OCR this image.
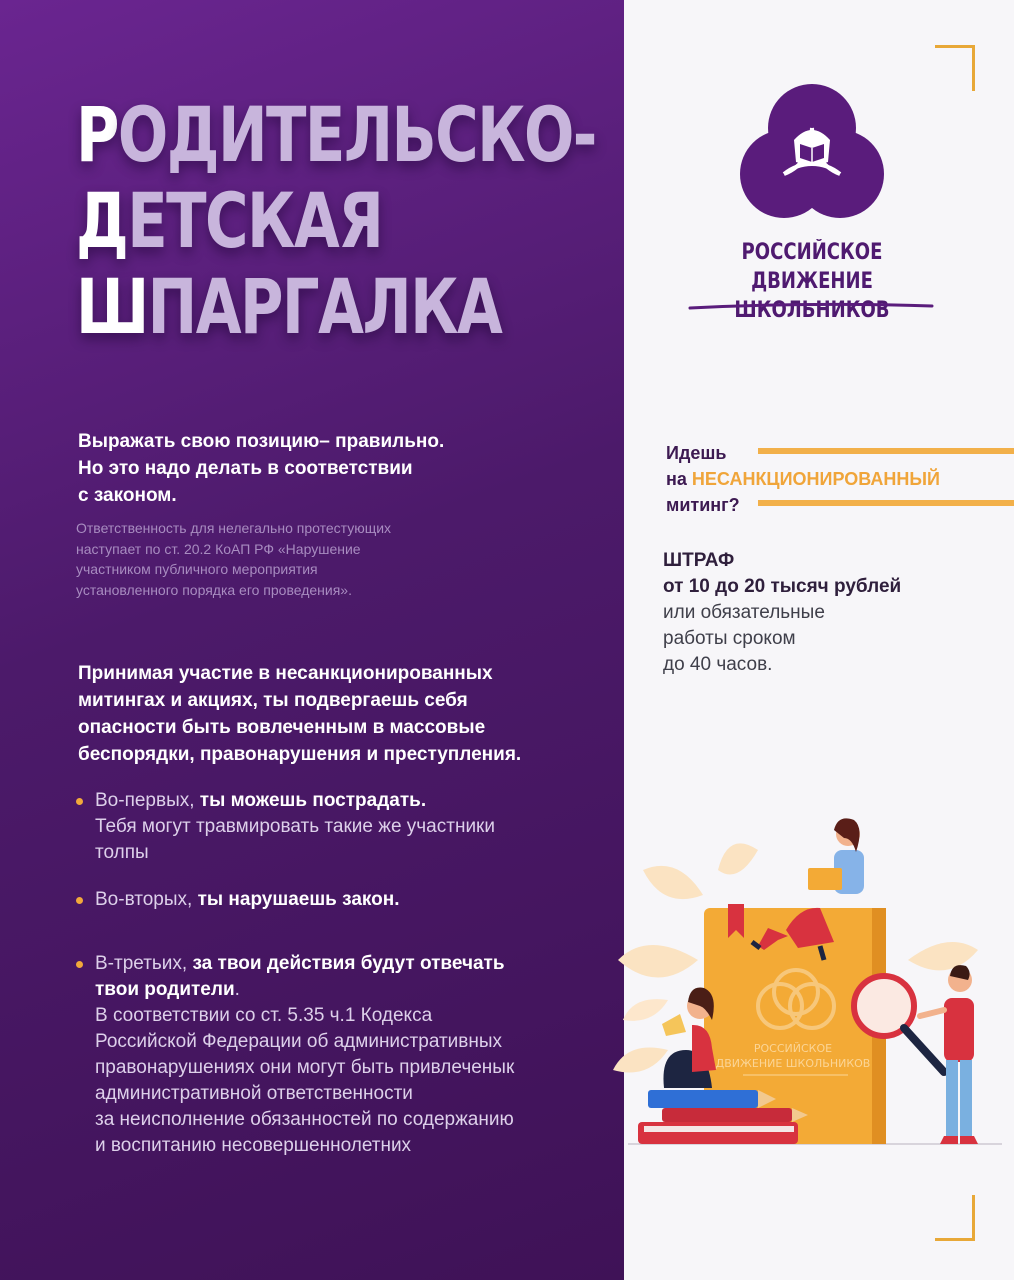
РОДИТЕЛЬСКО-
ДЕТСКАЯ
ШПАРГАЛКА
Выражать свою позицию– правильно.
Но это надо делать в соответствии
с законом.
Ответственность для нелегально протестующих
наступает по ст. 20.2 КоАП РФ «Нарушение
участником публичного мероприятия
установленного порядка его проведения».
Принимая участие в несанкционированных
митингах и акциях, ты подвергаешь себя
опасности быть вовлеченным в массовые
беспорядки, правонарушения и преступления.
Во-первых, ты можешь пострадать.
Тебя могут травмировать такие же участники
толпы
Во-вторых, ты нарушаешь закон.
В-третьих, за твои действия будут отвечать
твои родители.
В соответствии со ст. 5.35 ч.1 Кодекса
Российской Федерации об административных
правонарушениях они могут быть привлеченык
административной ответственности
за неисполнение обязанностей по содержанию
и воспитанию несовершеннолетних
РОССИЙСКОЕ
ДВИЖЕНИЕ ШКОЛЬНИКОВ
Идешь
на НЕСАНКЦИОНИРОВАННЫЙ
митинг?
ШТРАФ
от 10 до 20 тысяч рублей
или обязательные
работы сроком
до 40 часов.
РОССИЙСКОЕ
ДВИЖЕНИЕ ШКОЛЬНИКОВ
